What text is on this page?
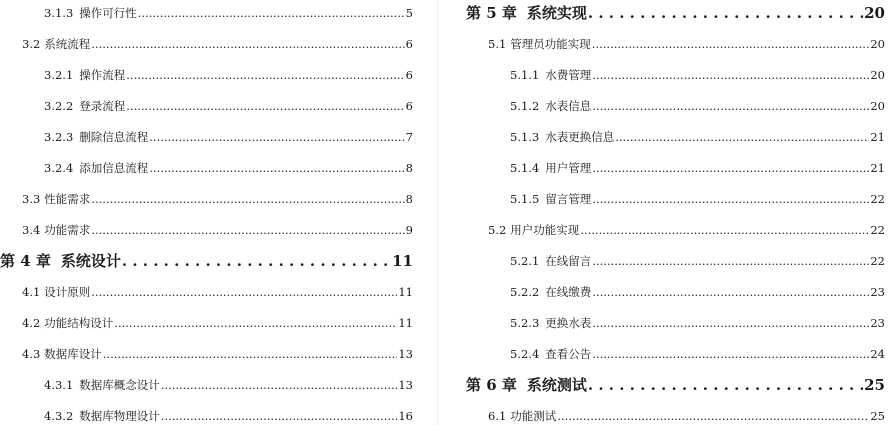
3.1.3 操作可行性 .....	5
3.2 系统流程 .....	6
3.2.1 操作流程 .....	6
3.2.2 登录流程 .....	6
3.2.3 删除信息流程 .....	7
3.2.4 添加信息流程 .....	8
3.3 性能需求 .....	8
3.4 功能需求 .....	9
第 4 章 系统设计 . . .	11
4.1 设计原则 .....	11
4.2 功能结构设计 .....	11
4.3 数据库设计 .....	13
4.3.1 数据库概念设计 .....	13
4.3.2 数据库物理设计 .....	16
第 5 章 系统实现 . . .	20
5.1 管理员功能实现 .....	20
5.1.1 水费管理 .....	20
5.1.2 水表信息 .....	20
5.1.3 水表更换信息 .....	21
5.1.4 用户管理 .....	21
5.1.5 留言管理 .....	22
5.2 用户功能实现 .....	22
5.2.1 在线留言 .....	22
5.2.2 在线缴费 .....	23
5.2.3 更换水表 .....	23
5.2.4 查看公告 .....	24
第 6 章 系统测试 . . .	25
6.1 功能测试 .....	25
